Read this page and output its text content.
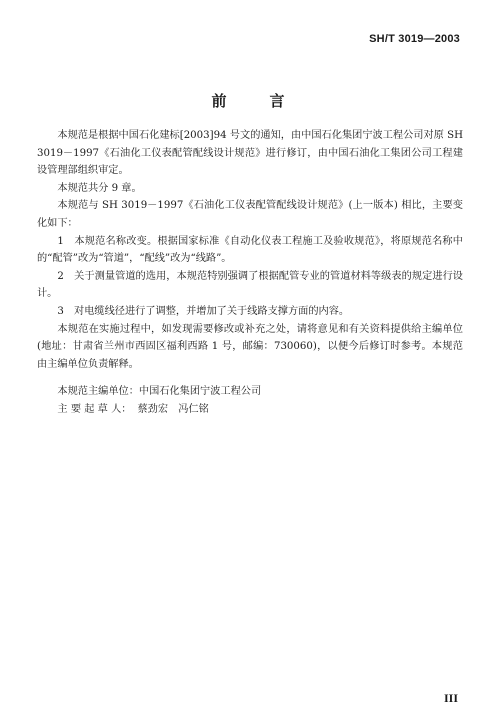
SH/T 3019—2003
前　言

本规范是根据中国石化建标[2003]94 号文的通知，由中国石化集团宁波工程公司对原 SH 3019－1997《石油化工仪表配管配线设计规范》进行修订，由中国石油化工集团公司工程建设管理部组织审定。

本规范共分 9 章。

本规范与 SH 3019－1997《石油化工仪表配管配线设计规范》(上一版本) 相比，主要变化如下：

1　本规范名称改变。根据国家标准《自动化仪表工程施工及验收规范》，将原规范名称中的“配管”改为“管道”，“配线”改为“线路”。

2　关于测量管道的选用，本规范特别强调了根据配管专业的管道材料等级表的规定进行设计。

3　对电缆线径进行了调整，并增加了关于线路支撑方面的内容。

本规范在实施过程中，如发现需要修改或补充之处，请将意见和有关资料提供给主编单位 (地址：甘肃省兰州市西固区福利西路 1 号，邮编：730060)，以便今后修订时参考。本规范由主编单位负责解释。

本规范主编单位：中国石化集团宁波工程公司

主 要 起 草 人： 蔡劲宏　冯仁铭

III
